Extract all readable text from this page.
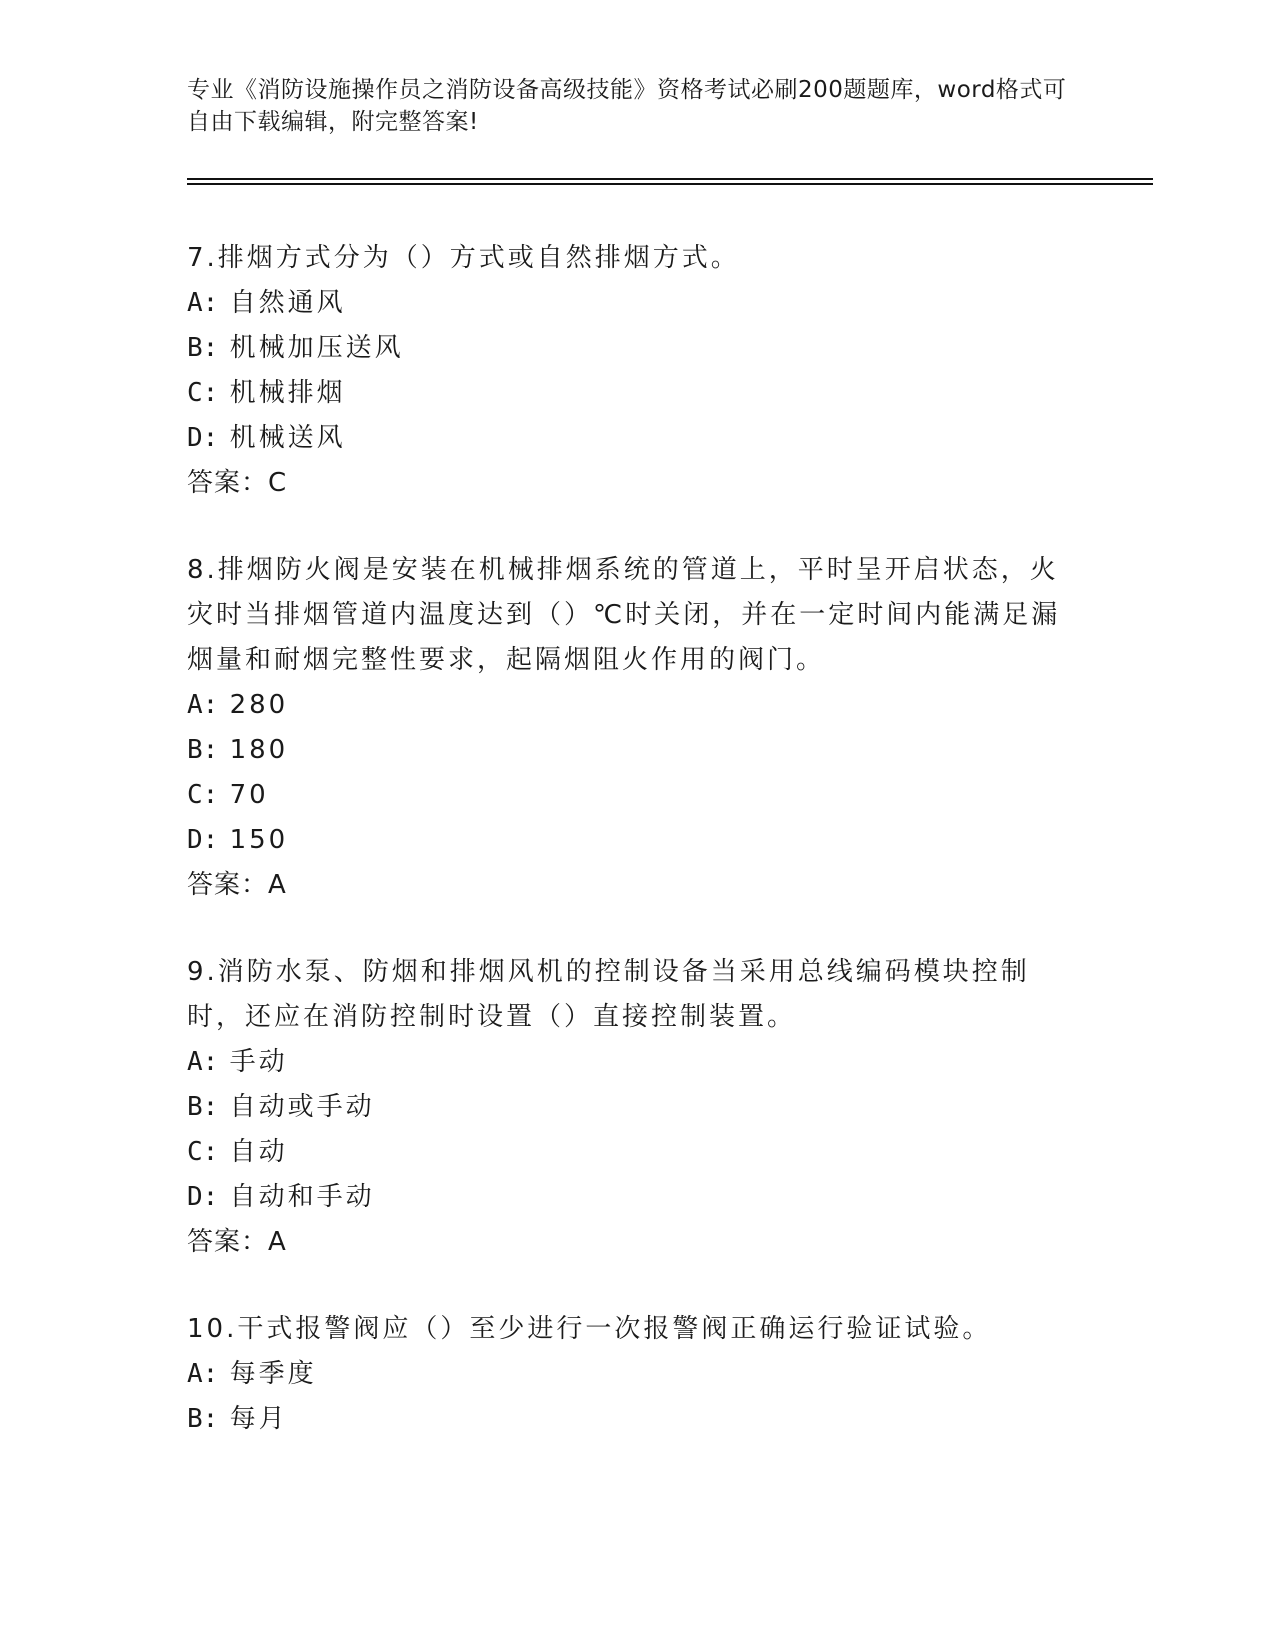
专业《消防设施操作员之消防设备高级技能》资格考试必刷200题题库，word格式可自由下载编辑，附完整答案!

7.排烟方式分为（）方式或自然排烟方式。

A: 自然通风

B: 机械加压送风

C: 机械排烟

D: 机械送风

答案：C

8.排烟防火阀是安装在机械排烟系统的管道上，平时呈开启状态，火灾时当排烟管道内温度达到（）℃时关闭，并在一定时间内能满足漏烟量和耐烟完整性要求，起隔烟阻火作用的阀门。

A: 280

B: 180

C: 70

D: 150

答案：A

9.消防水泵、防烟和排烟风机的控制设备当采用总线编码模块控制时，还应在消防控制时设置（）直接控制装置。

A: 手动

B: 自动或手动

C: 自动

D: 自动和手动

答案：A

10.干式报警阀应（）至少进行一次报警阀正确运行验证试验。

A: 每季度

B: 每月
